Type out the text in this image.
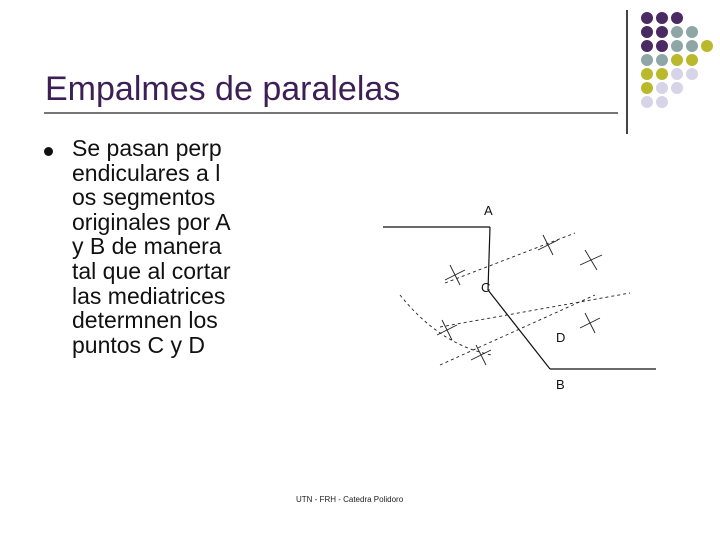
Empalmes de paralelas
Se pasan perpendiculares a los segmentos originales por A y B de manera tal que al cortar las mediatrices determnen los puntos C y D
A
C
D
B
UTN - FRH - Catedra Polidoro
